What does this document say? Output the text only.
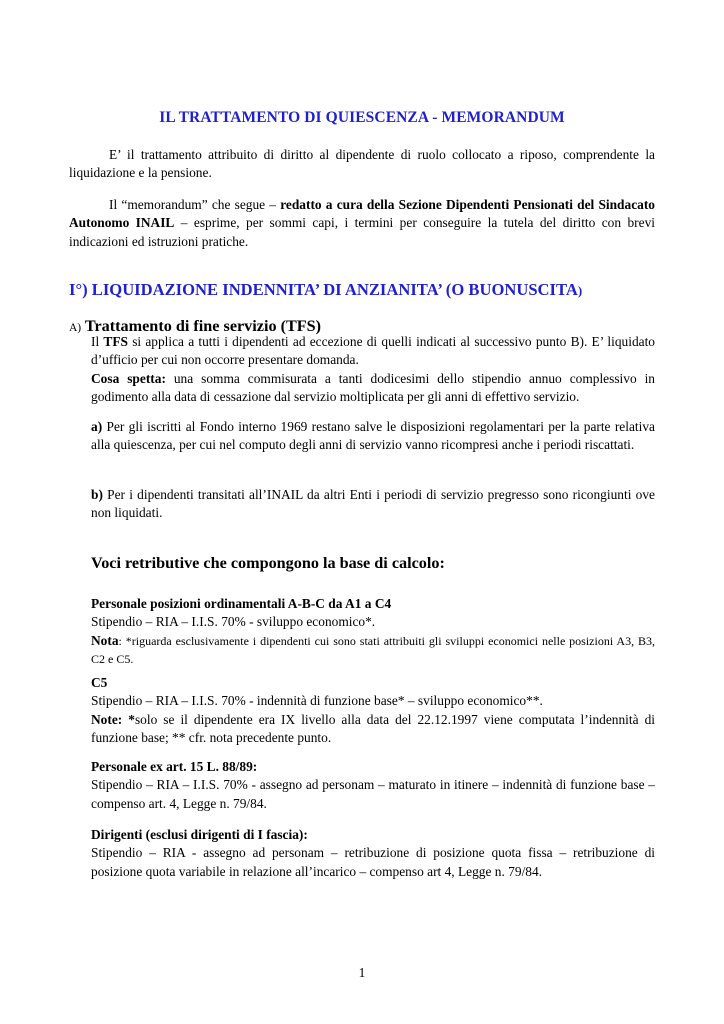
IL TRATTAMENTO DI QUIESCENZA - MEMORANDUM
E’ il trattamento attribuito di diritto al dipendente di ruolo collocato a riposo, comprendente la liquidazione e la pensione.
Il “memorandum” che segue – redatto a cura della Sezione Dipendenti Pensionati del Sindacato Autonomo INAIL – esprime, per sommi capi, i termini per conseguire la tutela del diritto con brevi indicazioni ed istruzioni pratiche.
I°) LIQUIDAZIONE INDENNITA’ DI ANZIANITA’ (O BUONUSCITA)
A) Trattamento di fine servizio (TFS)
Il TFS si applica a tutti i dipendenti ad eccezione di quelli indicati al successivo punto B). E’ liquidato d’ufficio per cui non occorre presentare domanda.
Cosa spetta: una somma commisurata a tanti dodicesimi dello stipendio annuo complessivo in godimento alla data di cessazione dal servizio moltiplicata per gli anni di effettivo servizio.
a) Per gli iscritti al Fondo interno 1969 restano salve le disposizioni regolamentari per la parte relativa alla quiescenza, per cui nel computo degli anni di servizio vanno ricompresi anche i periodi riscattati.
b) Per i dipendenti transitati all’INAIL da altri Enti i periodi di servizio pregresso sono ricongiunti ove non liquidati.
Voci retributive che compongono la base di calcolo:
Personale posizioni ordinamentali A-B-C da A1 a C4
Stipendio – RIA – I.I.S. 70% - sviluppo economico*.
Nota: *riguarda esclusivamente i dipendenti cui sono stati attribuiti gli sviluppi economici nelle posizioni A3, B3, C2 e C5.
C5
Stipendio – RIA – I.I.S. 70% - indennità di funzione base* – sviluppo economico**.
Note: *solo se il dipendente era IX livello alla data del 22.12.1997 viene computata l’indennità di funzione base; ** cfr. nota precedente punto.
Personale ex art. 15 L. 88/89:
Stipendio – RIA – I.I.S. 70% - assegno ad personam – maturato in itinere – indennità di funzione base – compenso art. 4, Legge n. 79/84.
Dirigenti (esclusi dirigenti di I fascia):
Stipendio – RIA - assegno ad personam – retribuzione di posizione quota fissa – retribuzione di posizione quota variabile in relazione all’incarico – compenso art 4, Legge n. 79/84.
1
